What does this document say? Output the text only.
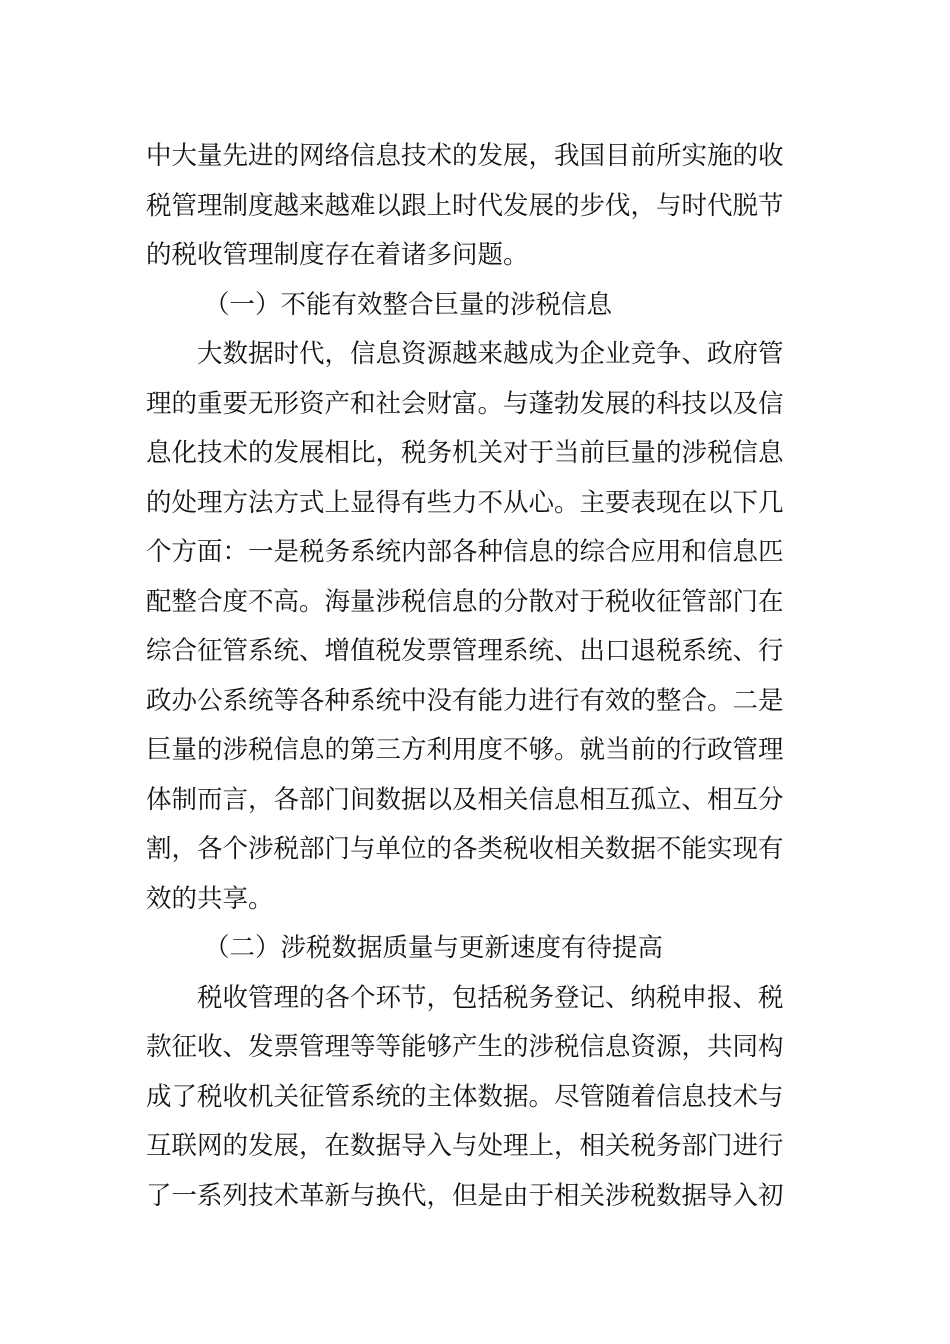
中大量先进的网络信息技术的发展，我国目前所实施的收
税管理制度越来越难以跟上时代发展的步伐，与时代脱节
的税收管理制度存在着诸多问题。
（一）不能有效整合巨量的涉税信息
大数据时代，信息资源越来越成为企业竞争、政府管
理的重要无形资产和社会财富。与蓬勃发展的科技以及信
息化技术的发展相比，税务机关对于当前巨量的涉税信息
的处理方法方式上显得有些力不从心。主要表现在以下几
个方面：一是税务系统内部各种信息的综合应用和信息匹
配整合度不高。海量涉税信息的分散对于税收征管部门在
综合征管系统、增值税发票管理系统、出口退税系统、行
政办公系统等各种系统中没有能力进行有效的整合。二是
巨量的涉税信息的第三方利用度不够。就当前的行政管理
体制而言，各部门间数据以及相关信息相互孤立、相互分
割，各个涉税部门与单位的各类税收相关数据不能实现有
效的共享。
（二）涉税数据质量与更新速度有待提高
税收管理的各个环节，包括税务登记、纳税申报、税
款征收、发票管理等等能够产生的涉税信息资源，共同构
成了税收机关征管系统的主体数据。尽管随着信息技术与
互联网的发展，在数据导入与处理上，相关税务部门进行
了一系列技术革新与换代，但是由于相关涉税数据导入初
